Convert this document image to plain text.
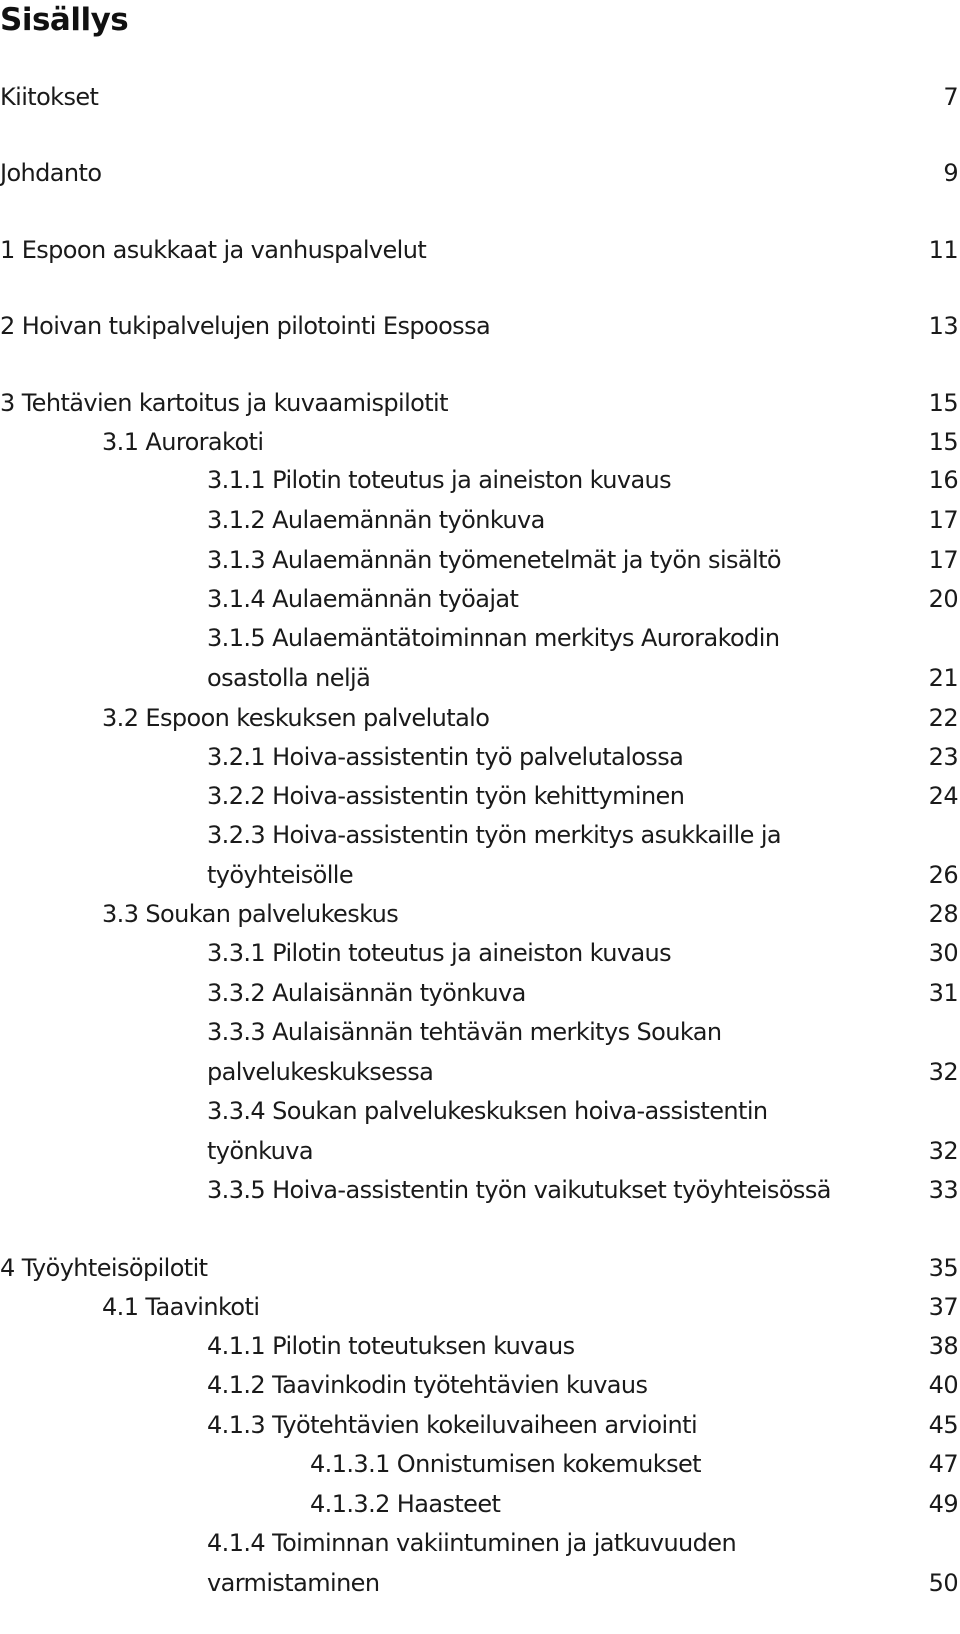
Sisällys
Kiitokset	7
Johdanto	9
1 Espoon asukkaat ja vanhuspalvelut	11
2 Hoivan tukipalvelujen pilotointi Espoossa	13
3 Tehtävien kartoitus ja kuvaamispilotit	15
3.1 Aurorakoti	15
3.1.1 Pilotin toteutus ja aineiston kuvaus	16
3.1.2 Aulaemännän työnkuva	17
3.1.3 Aulaemännän työmenetelmät ja työn sisältö	17
3.1.4 Aulaemännän työajat	20
3.1.5 Aulaemäntätoiminnan merkitys Aurorakodin osastolla neljä	21
3.2 Espoon keskuksen palvelutalo	22
3.2.1 Hoiva-assistentin työ palvelutalossa	23
3.2.2 Hoiva-assistentin työn kehittyminen	24
3.2.3 Hoiva-assistentin työn merkitys asukkaille ja työyhteisölle	26
3.3 Soukan palvelukeskus	28
3.3.1 Pilotin toteutus ja aineiston kuvaus	30
3.3.2 Aulaisännän työnkuva	31
3.3.3 Aulaisännän tehtävän merkitys Soukan palvelukeskuksessa	32
3.3.4 Soukan palvelukeskuksen hoiva-assistentin työnkuva	32
3.3.5 Hoiva-assistentin työn vaikutukset työyhteisössä	33
4 Työyhteisöpilotit	35
4.1 Taavinkoti	37
4.1.1 Pilotin toteutuksen kuvaus	38
4.1.2 Taavinkodin työtehtävien kuvaus	40
4.1.3 Työtehtävien kokeiluvaiheen arviointi	45
4.1.3.1 Onnistumisen kokemukset	47
4.1.3.2 Haasteet	49
4.1.4 Toiminnan vakiintuminen ja jatkuvuuden varmistaminen	50
